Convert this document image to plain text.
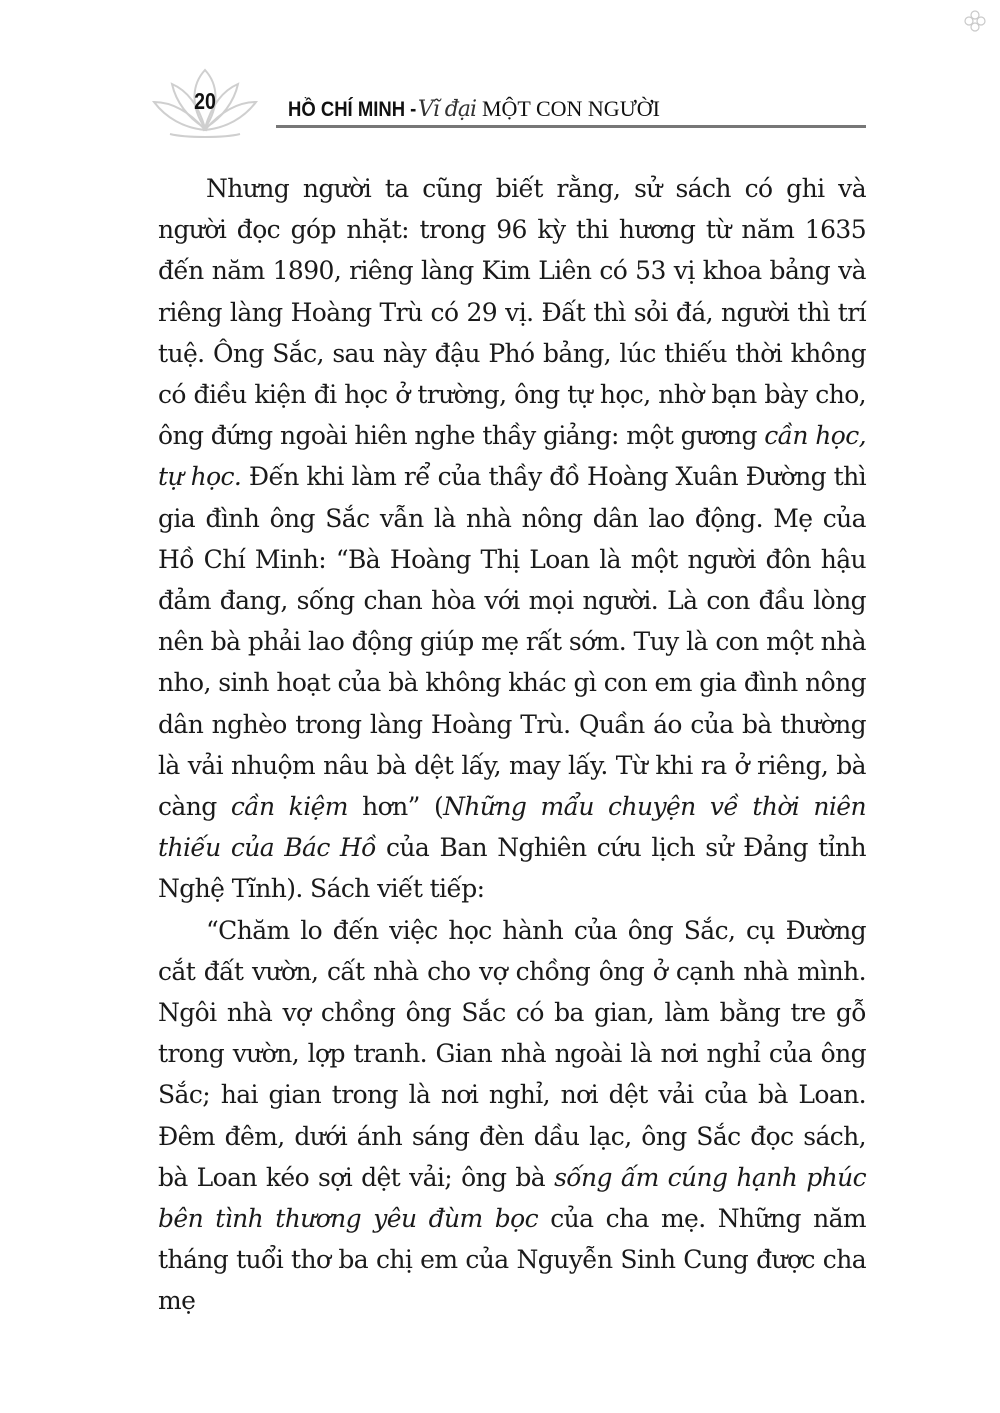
20	HỒ CHÍ MINH -Vĩ đại MỘT CON NGƯỜI

Nhưng người ta cũng biết rằng, sử sách có ghi và người đọc góp nhặt: trong 96 kỳ thi hương từ năm 1635 đến năm 1890, riêng làng Kim Liên có 53 vị khoa bảng và riêng làng Hoàng Trù có 29 vị. Đất thì sỏi đá, người thì trí tuệ. Ông Sắc, sau này đậu Phó bảng, lúc thiếu thời không có điều kiện đi học ở trường, ông tự học, nhờ bạn bày cho, ông đứng ngoài hiên nghe thầy giảng: một gương cần học, tự học. Đến khi làm rể của thầy đồ Hoàng Xuân Đường thì gia đình ông Sắc vẫn là nhà nông dân lao động. Mẹ của Hồ Chí Minh: “Bà Hoàng Thị Loan là một người đôn hậu đảm đang, sống chan hòa với mọi người. Là con đầu lòng nên bà phải lao động giúp mẹ rất sớm. Tuy là con một nhà nho, sinh hoạt của bà không khác gì con em gia đình nông dân nghèo trong làng Hoàng Trù. Quần áo của bà thường là vải nhuộm nâu bà dệt lấy, may lấy. Từ khi ra ở riêng, bà càng cần kiệm hơn” (Những mẩu chuyện về thời niên thiếu của Bác Hồ của Ban Nghiên cứu lịch sử Đảng tỉnh Nghệ Tĩnh). Sách viết tiếp:

“Chăm lo đến việc học hành của ông Sắc, cụ Đường cắt đất vườn, cất nhà cho vợ chồng ông ở cạnh nhà mình. Ngôi nhà vợ chồng ông Sắc có ba gian, làm bằng tre gỗ trong vườn, lợp tranh. Gian nhà ngoài là nơi nghỉ của ông Sắc; hai gian trong là nơi nghỉ, nơi dệt vải của bà Loan. Đêm đêm, dưới ánh sáng đèn dầu lạc, ông Sắc đọc sách, bà Loan kéo sợi dệt vải; ông bà sống ấm cúng hạnh phúc bên tình thương yêu đùm bọc của cha mẹ. Những năm tháng tuổi thơ ba chị em của Nguyễn Sinh Cung được cha mẹ
